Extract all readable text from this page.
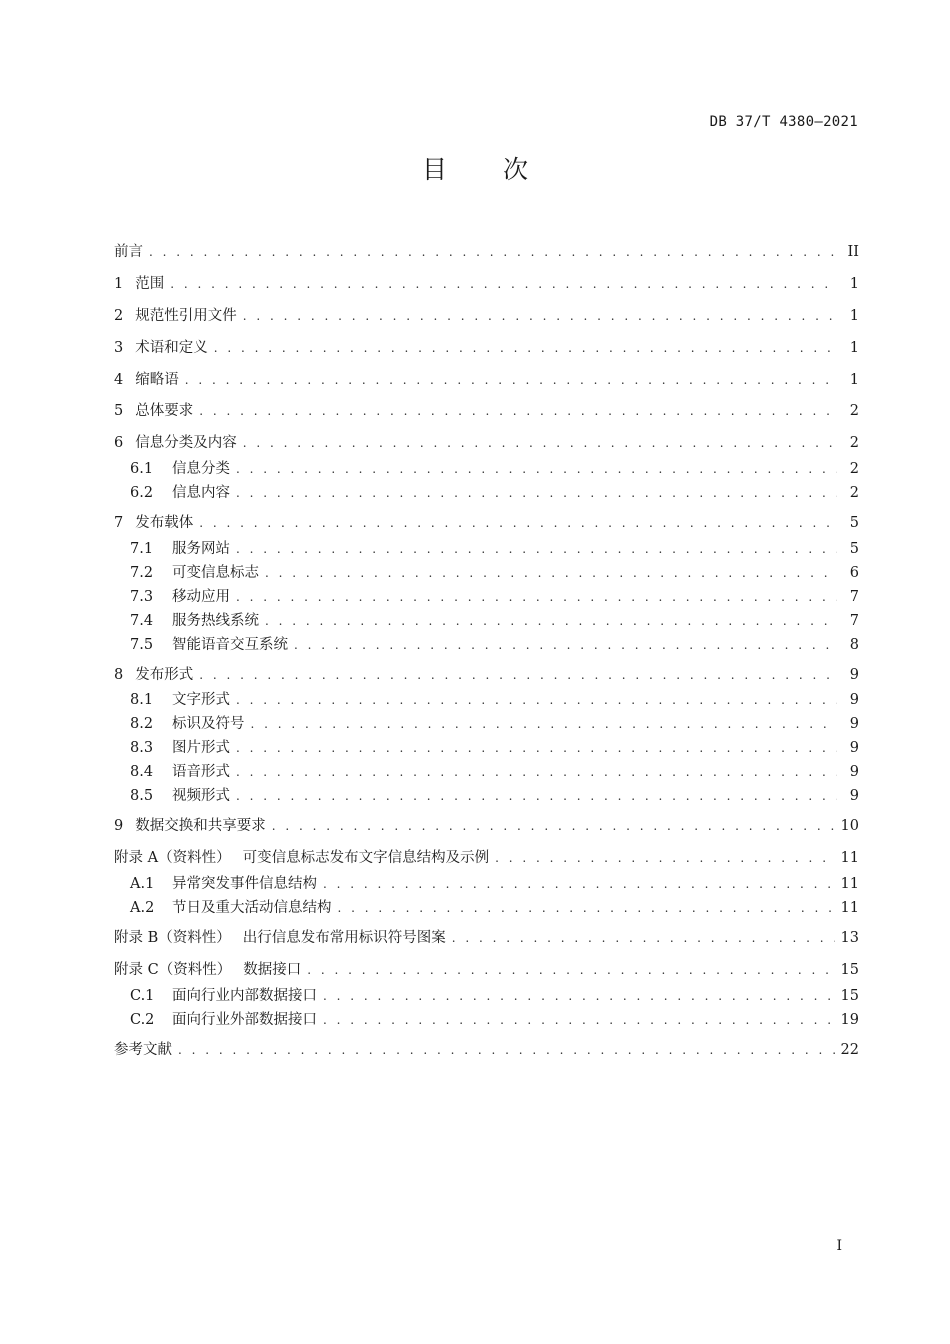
DB 37/T 4380—2021
目 次
前言 . . .	II
1 范围 . . .	1
2 规范性引用文件 . . .	1
3 术语和定义 . . .	1
4 缩略语 . . .	1
5 总体要求 . . .	2
6 信息分类及内容 . . .	2
6.1	信息分类 . . .	2
6.2	信息内容 . . .	2
7 发布载体 . . .	5
7.1	服务网站 . . .	5
7.2	可变信息标志 . . .	6
7.3	移动应用 . . .	7
7.4	服务热线系统 . . .	7
7.5	智能语音交互系统 . . .	8
8 发布形式 . . .	9
8.1	文字形式 . . .	9
8.2	标识及符号 . . .	9
8.3	图片形式 . . .	9
8.4	语音形式 . . .	9
8.5	视频形式 . . .	9
9 数据交换和共享要求 . . .	10
附录 A（资料性） 可变信息标志发布文字信息结构及示例 . . .	11
A.1	异常突发事件信息结构 . . .	11
A.2	节日及重大活动信息结构 . . .	11
附录 B（资料性） 出行信息发布常用标识符号图案 . . .	13
附录 C（资料性） 数据接口 . . .	15
C.1	面向行业内部数据接口 . . .	15
C.2	面向行业外部数据接口 . . .	19
参考文献 . . .	22
I
